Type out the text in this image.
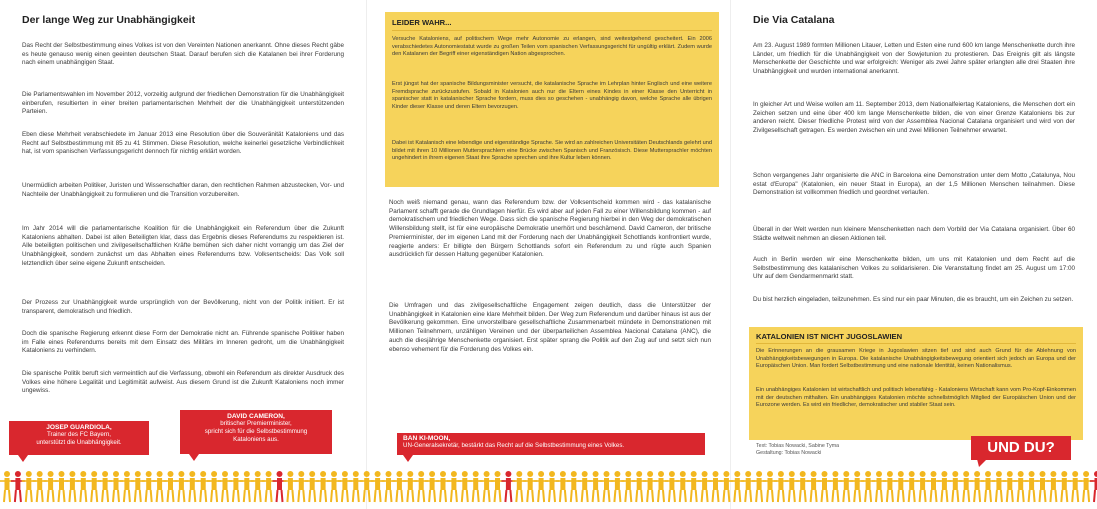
Der lange Weg zur Unabhängigkeit

Das Recht der Selbstbestimmung eines Volkes ist von den Vereinten Nationen anerkannt. Ohne dieses Recht gäbe es heute genauso wenig einen geeinten deutschen Staat. Darauf berufen sich die Katalanen bei ihrer Forderung nach einem unabhängigen Staat.

Die Parlamentswahlen im November 2012, vorzeitig aufgrund der friedlichen Demonstration für die Unabhängigkeit einberufen, resultierten in einer breiten parlamentarischen Mehrheit der die Unabhängigkeit unterstützenden Parteien.

Eben diese Mehrheit verabschiedete im Januar 2013 eine Resolution über die Souveränität Kataloniens und das Recht auf Selbstbestimmung mit 85 zu 41 Stimmen. Diese Resolution, welche keinerlei gesetzliche Verbindlichkeit hat, ist vom spanischen Verfassungsgericht dennoch für nichtig erklärt worden.

Unermüdlich arbeiten Politiker, Juristen und Wissenschaftler daran, den rechtlichen Rahmen abzustecken, Vor- und Nachteile der Unabhängigkeit zu formulieren und die Transition vorzubereiten.

Im Jahr 2014 will die parlamentarische Koalition für die Unabhängigkeit ein Referendum über die Zukunft Kataloniens abhalten. Dabei ist allen Beteiligten klar, dass das Ergebnis dieses Referendums zu respektieren ist. Alle beteiligten politischen und zivilgesellschaftlichen Kräfte bemühen sich daher nicht vorrangig um das Ziel der Unabhängigkeit, sondern zunächst um das Abhalten eines Referendums bzw. Volksentscheids: Das Volk soll letztendlich über seine eigene Zukunft entscheiden.

Der Prozess zur Unabhängigkeit wurde ursprünglich von der Bevölkerung, nicht von der Politik initiiert. Er ist transparent, demokratisch und friedlich.

Doch die spanische Regierung erkennt diese Form der Demokratie nicht an. Führende spanische Politiker haben im Falle eines Referendums bereits mit dem Einsatz des Militärs im Inneren gedroht, um die Unabhängigkeit Kataloniens zu verhindern.

Die spanische Politik beruft sich vermeintlich auf die Verfassung, obwohl ein Referendum als direkter Ausdruck des Volkes eine höhere Legalität und Legitimität aufweist. Aus diesem Grund ist die Zukunft Kataloniens noch immer ungewiss.

JOSEP GUARDIOLA,
Trainer des FC Bayern,
unterstützt die Unabhängigkeit.
DAVID CAMERON,
britischer Premierminister,
spricht sich für die Selbstbestimmung
Kataloniens aus.
LEIDER WAHR...

Versuche Kataloniens, auf politischem Wege mehr Autonomie zu erlangen, sind weitestgehend gescheitert. Ein 2006 verabschiedetes Autonomiestatut wurde zu großen Teilen vom spanischen Verfassungsgericht für ungültig erklärt. Zudem wurde den Katalanen der Begriff einer eigenständigen Nation abgesprochen.

Erst jüngst hat der spanische Bildungsminister versucht, die katalanische Sprache im Lehrplan hinter Englisch und eine weitere Fremdsprache zurückzustufen. Sobald in Katalonien auch nur die Eltern eines Kindes in einer Klasse den Unterricht in spanischer statt in katalanischer Sprache fordern, muss dies so geschehen - unabhängig davon, welche Sprache alle übrigen Kinder dieser Klasse und deren Eltern bevorzugen.

Dabei ist Katalanisch eine lebendige und eigenständige Sprache. Sie wird an zahlreichen Universitäten Deutschlands gelehrt und bildet mit ihren 10 Millionen Muttersprachlern eine Brücke zwischen Spanisch und Französisch. Diese Muttersprachler möchten ungehindert in ihrem eigenen Staat ihre Sprache sprechen und ihre Kultur leben können.

Noch weiß niemand genau, wann das Referendum bzw. der Volksentscheid kommen wird - das katalanische Parlament schafft gerade die Grundlagen hierfür. Es wird aber auf jeden Fall zu einer Willensbildung kommen - auf demokratischem und friedlichen Wege. Dass sich die spanische Regierung hierbei in den Weg der demokratischen Willensbildung stellt, ist für eine europäische Demokratie unerhört und beschämend. David Cameron, der britische Premierminister, der im eigenen Land mit der Forderung nach der Unabhängigkeit Schottlands konfrontiert wurde, reagierte anders: Er billigte den Bürgern Schottlands sofort ein Referendum zu und rügte auch Spanien ausdrücklich für dessen Haltung gegenüber Katalonien.

Die Umfragen und das zivilgesellschaftliche Engagement zeigen deutlich, dass die Unterstützer der Unabhängigkeit in Katalonien eine klare Mehrheit bilden. Der Weg zum Referendum und darüber hinaus ist aus der Bevölkerung gekommen. Eine unvorstellbare gesellschaftliche Zusammenarbeit mündete in Demonstrationen mit Millionen Teilnehmern, unzähligen Vereinen und der überparteilichen Assemblea Nacional Catalana (ANC), die auch die diesjährige Menschenkette organisiert. Erst später sprang die Politik auf den Zug auf und setzt sich nun ebenso vehement für die Forderung des Volkes ein.

BAN KI-MOON,
UN-Generalsekretär, bestärkt das Recht auf die Selbstbestimmung eines Volkes.
Die Via Catalana

Am 23. August 1989 formten Millionen Litauer, Letten und Esten eine rund 600 km lange Menschenkette durch ihre Länder, um friedlich für die Unabhängigkeit von der Sowjetunion zu protestieren. Das Ereignis gilt als längste Menschenkette der Geschichte und war erfolgreich: Weniger als zwei Jahre später erlangten alle drei Staaten ihre Unabhängigkeit und wurden international anerkannt.

In gleicher Art und Weise wollen am 11. September 2013, dem Nationalfeiertag Kataloniens, die Menschen dort ein Zeichen setzen und eine über 400 km lange Menschenkette bilden, die von einer Grenze Kataloniens bis zur anderen reicht. Dieser friedliche Protest wird von der Assemblea Nacional Catalana organisiert und wird von der Zivilgesellschaft getragen. Es werden zwischen ein und zwei Millionen Teilnehmer erwartet.

Schon vergangenes Jahr organisierte die ANC in Barcelona eine Demonstration unter dem Motto „Catalunya, Nou estat d'Europa" (Katalonien, ein neuer Staat in Europa), an der 1,5 Millionen Menschen teilnahmen. Diese Demonstration ist vollkommen friedlich und geordnet verlaufen.

Überall in der Welt werden nun kleinere Menschenketten nach dem Vorbild der Via Catalana organisiert. Über 60 Städte weltweit nehmen an diesen Aktionen teil.

Auch in Berlin werden wir eine Menschenkette bilden, um uns mit Katalonien und dem Recht auf die Selbstbestimmung des katalanischen Volkes zu solidarisieren. Die Veranstaltung findet am 25. August um 17:00 Uhr auf dem Gendarmenmarkt statt.

Du bist herzlich eingeladen, teilzunehmen. Es sind nur ein paar Minuten, die es braucht, um ein Zeichen zu setzen.

KATALONIEN IST NICHT JUGOSLAWIEN

Die Erinnerungen an die grausamen Kriege in Jugoslawien sitzen tief und sind auch Grund für die Ablehnung von Unabhängigkeitsbewegungen in Europa. Die katalanische Unabhängigkeitsbewegung orientiert sich jedoch an Europa und der Europäischen Union. Man fordert Selbstbestimmung und eine nationale Identität, keinen Nationalismus.

Ein unabhängiges Katalonien ist wirtschaftlich und politisch lebensfähig - Kataloniens Wirtschaft kann vom Pro-Kopf-Einkommen mit der deutschen mithalten. Ein unabhängiges Katalonien möchte schnellstmöglich Mitglied der Europäischen Union und der Eurozone werden. Es wird ein friedlicher, demokratischer und stabiler Staat sein.

Text: Tobias Nowacki, Sabine Tyma
Gestaltung: Tobias Nowacki	UND DU?
